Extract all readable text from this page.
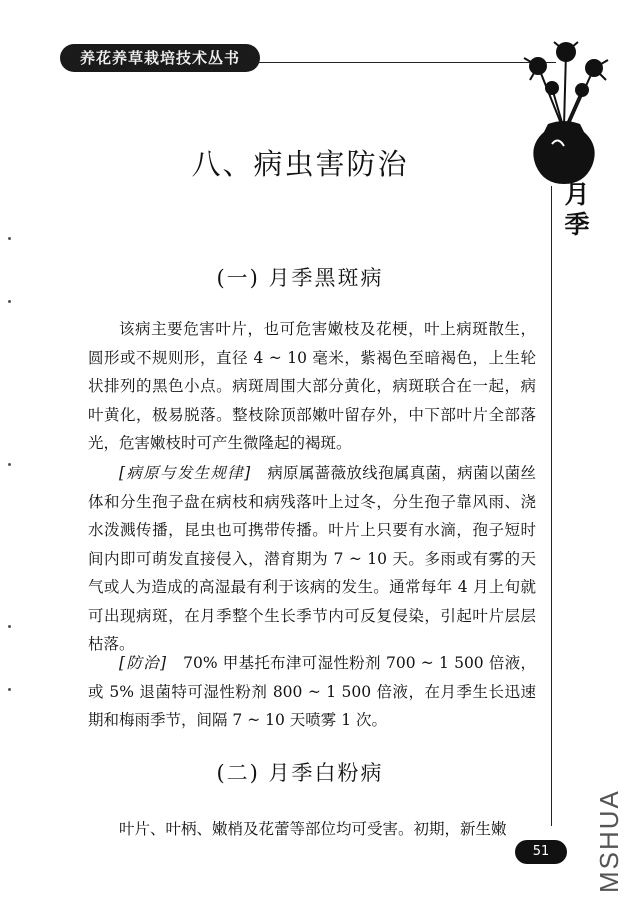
养花养草栽培技术丛书
月
季
八、病虫害防治
(一) 月季黑斑病

该病主要危害叶片，也可危害嫩枝及花梗，叶上病斑散生，圆形或不规则形，直径 4 ~ 10 毫米，紫褐色至暗褐色，上生轮状排列的黑色小点。病斑周围大部分黄化，病斑联合在一起，病叶黄化，极易脱落。整枝除顶部嫩叶留存外，中下部叶片全部落光，危害嫩枝时可产生微隆起的褐斑。

[病原与发生规律]　 病原属蔷薇放线孢属真菌，病菌以菌丝体和分生孢子盘在病枝和病残落叶上过冬，分生孢子靠风雨、浇水泼溅传播，昆虫也可携带传播。叶片上只要有水滴，孢子短时间内即可萌发直接侵入，潜育期为 7 ~ 10 天。多雨或有雾的天气或人为造成的高湿最有利于该病的发生。通常每年 4 月上旬就可出现病斑，在月季整个生长季节内可反复侵染，引起叶片层层枯落。

[防治]　 70% 甲基托布津可湿性粉剂 700 ~ 1 500 倍液，或 5% 退菌特可湿性粉剂 800 ~ 1 500 倍液，在月季生长迅速期和梅雨季节，间隔 7 ~ 10 天喷雾 1 次。

(二) 月季白粉病

叶片、叶柄、嫩梢及花蕾等部位均可受害。初期，新生嫩

51	MSHUA
